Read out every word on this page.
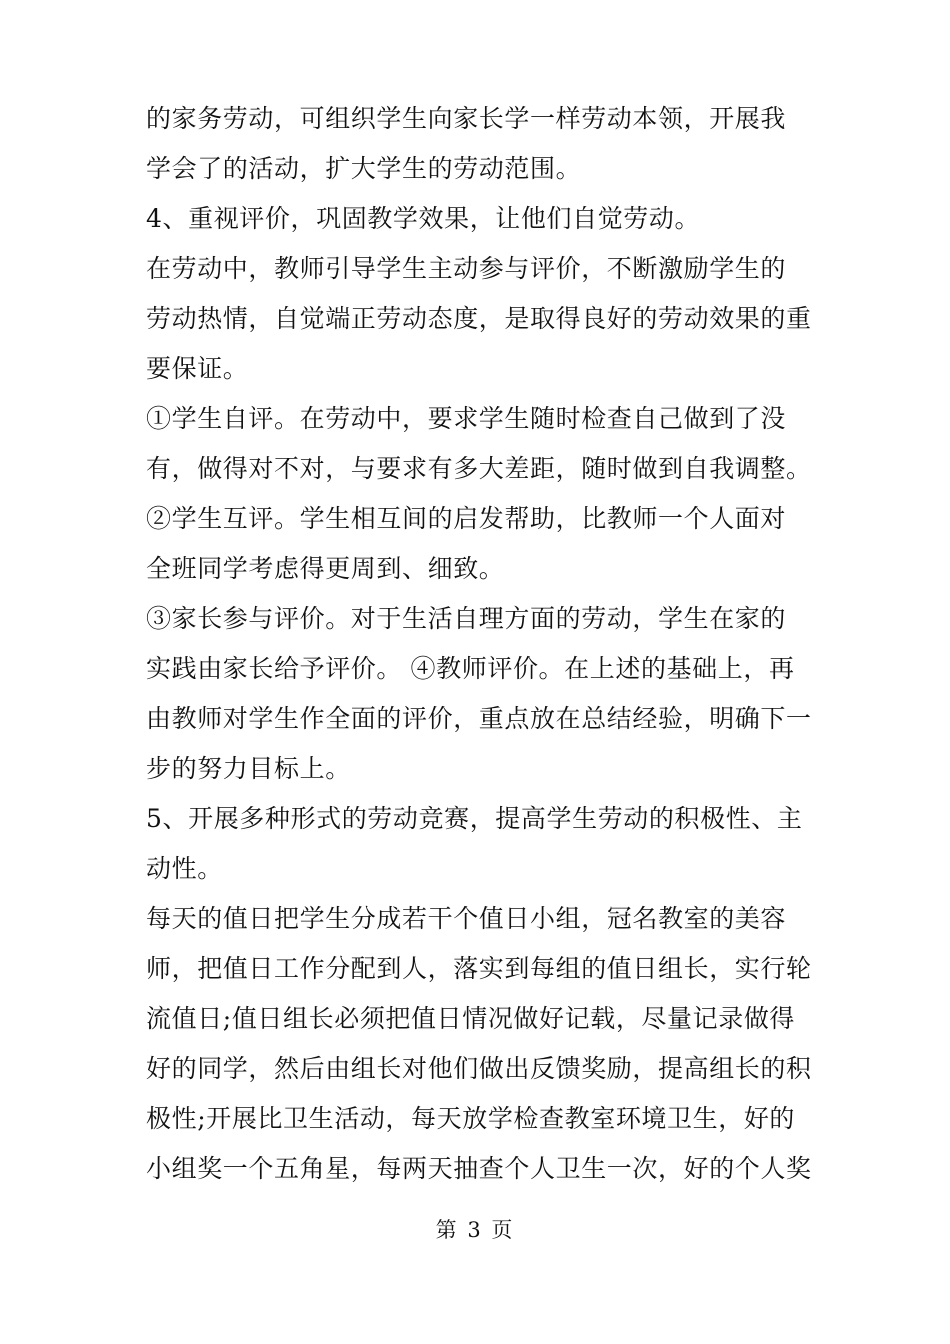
的家务劳动，可组织学生向家长学一样劳动本领，开展我
学会了的活动，扩大学生的劳动范围。
4、重视评价，巩固教学效果，让他们自觉劳动。
在劳动中，教师引导学生主动参与评价，不断激励学生的
劳动热情，自觉端正劳动态度，是取得良好的劳动效果的重
要保证。
①学生自评。在劳动中，要求学生随时检查自己做到了没
有，做得对不对，与要求有多大差距，随时做到自我调整。
②学生互评。学生相互间的启发帮助，比教师一个人面对
全班同学考虑得更周到、细致。
③家长参与评价。对于生活自理方面的劳动，学生在家的
实践由家长给予评价。 ④教师评价。在上述的基础上，再
由教师对学生作全面的评价，重点放在总结经验，明确下一
步的努力目标上。
5、开展多种形式的劳动竞赛，提高学生劳动的积极性、主
动性。
每天的值日把学生分成若干个值日小组，冠名教室的美容
师，把值日工作分配到人，落实到每组的值日组长，实行轮
流值日;值日组长必须把值日情况做好记载，尽量记录做得
好的同学，然后由组长对他们做出反馈奖励，提高组长的积
极性;开展比卫生活动，每天放学检查教室环境卫生，好的
小组奖一个五角星，每两天抽查个人卫生一次，好的个人奖
第 3 页
